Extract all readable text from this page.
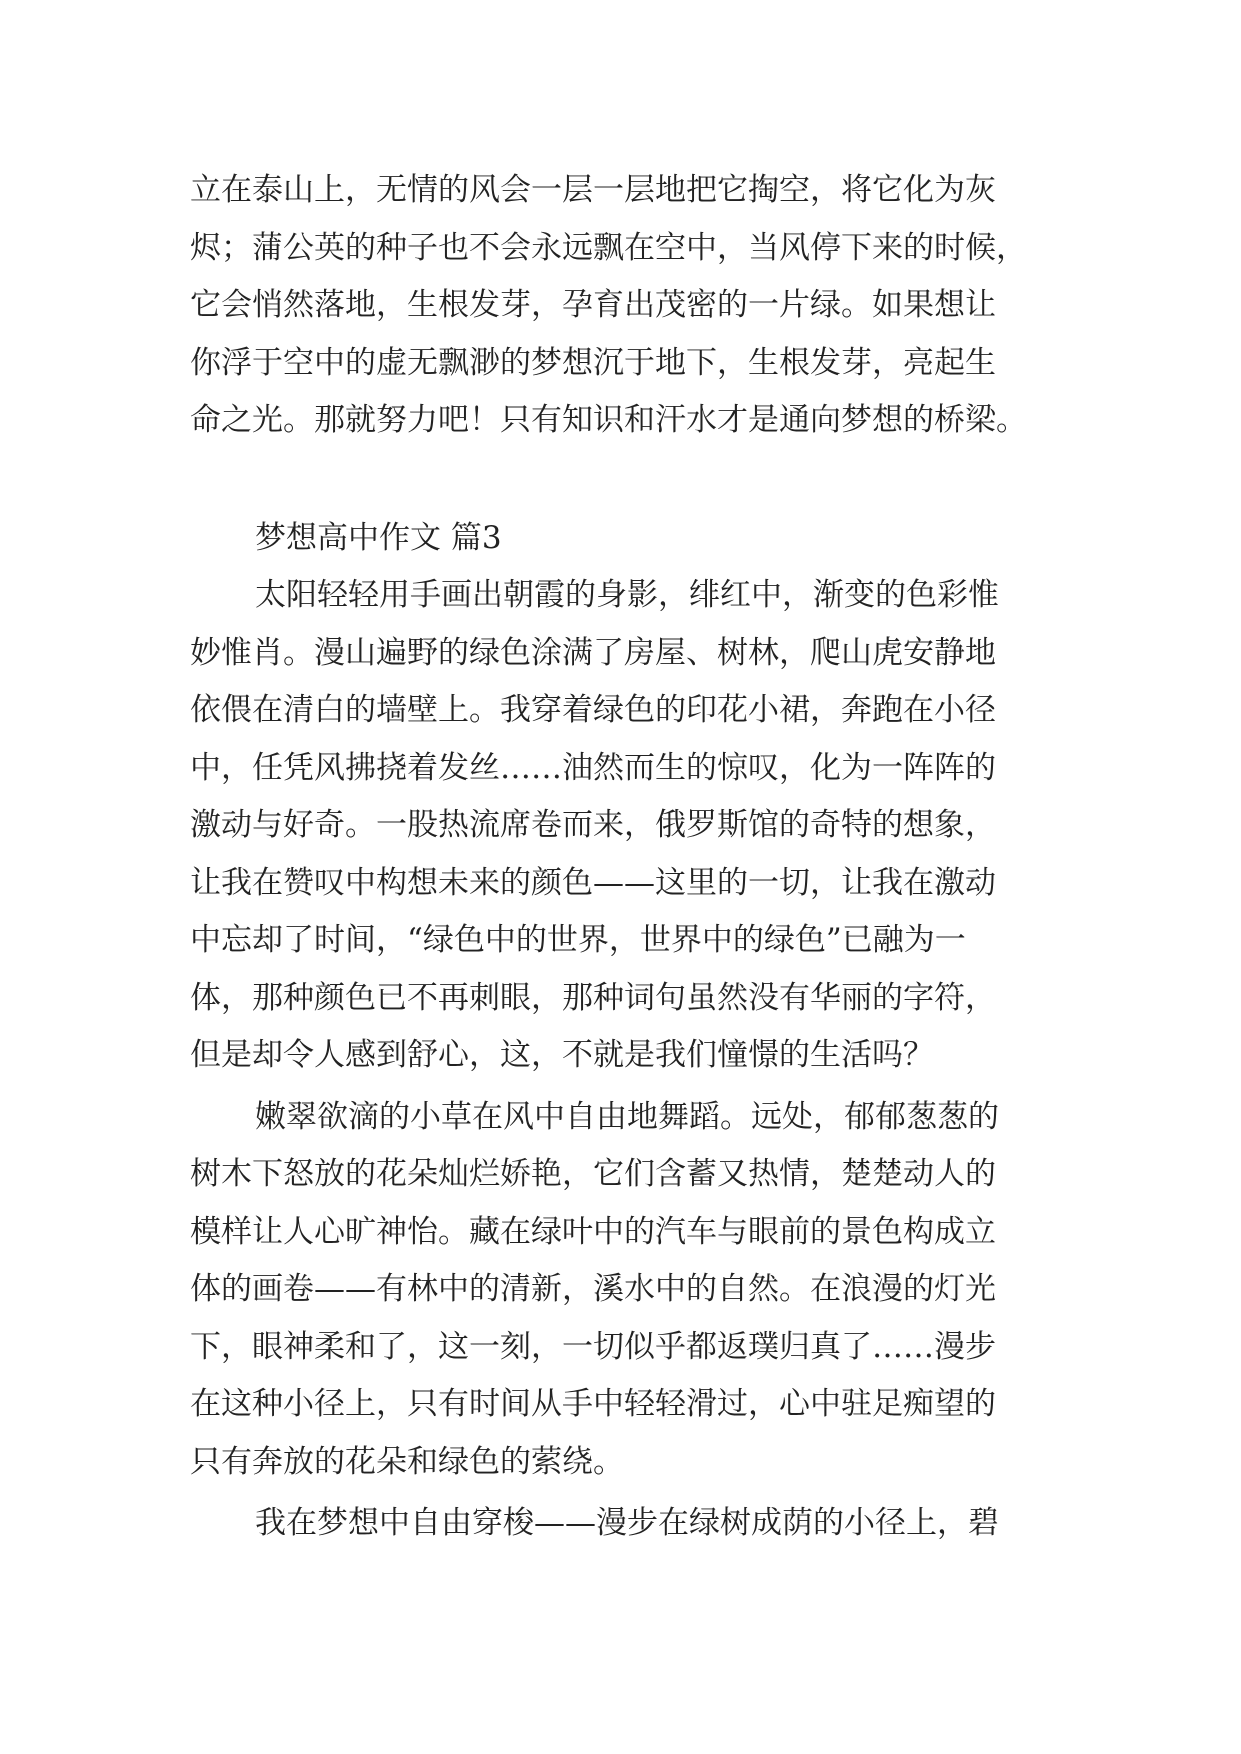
立在泰山上，无情的风会一层一层地把它掏空，将它化为灰
烬；蒲公英的种子也不会永远飘在空中，当风停下来的时候，
它会悄然落地，生根发芽，孕育出茂密的一片绿。如果想让
你浮于空中的虚无飘渺的梦想沉于地下，生根发芽，亮起生
命之光。那就努力吧！只有知识和汗水才是通向梦想的桥梁。
梦想高中作文 篇3
太阳轻轻用手画出朝霞的身影，绯红中，渐变的色彩惟
妙惟肖。漫山遍野的绿色涂满了房屋、树林，爬山虎安静地
依偎在清白的墙壁上。我穿着绿色的印花小裙，奔跑在小径
中，任凭风拂挠着发丝……油然而生的惊叹，化为一阵阵的
激动与好奇。一股热流席卷而来，俄罗斯馆的奇特的想象，
让我在赞叹中构想未来的颜色——这里的一切，让我在激动
中忘却了时间，“绿色中的世界，世界中的绿色”已融为一
体，那种颜色已不再刺眼，那种词句虽然没有华丽的字符，
但是却令人感到舒心，这，不就是我们憧憬的生活吗？
嫩翠欲滴的小草在风中自由地舞蹈。远处，郁郁葱葱的
树木下怒放的花朵灿烂娇艳，它们含蓄又热情，楚楚动人的
模样让人心旷神怡。藏在绿叶中的汽车与眼前的景色构成立
体的画卷——有林中的清新，溪水中的自然。在浪漫的灯光
下，眼神柔和了，这一刻，一切似乎都返璞归真了……漫步
在这种小径上，只有时间从手中轻轻滑过，心中驻足痴望的
只有奔放的花朵和绿色的萦绕。
我在梦想中自由穿梭——漫步在绿树成荫的小径上，碧
